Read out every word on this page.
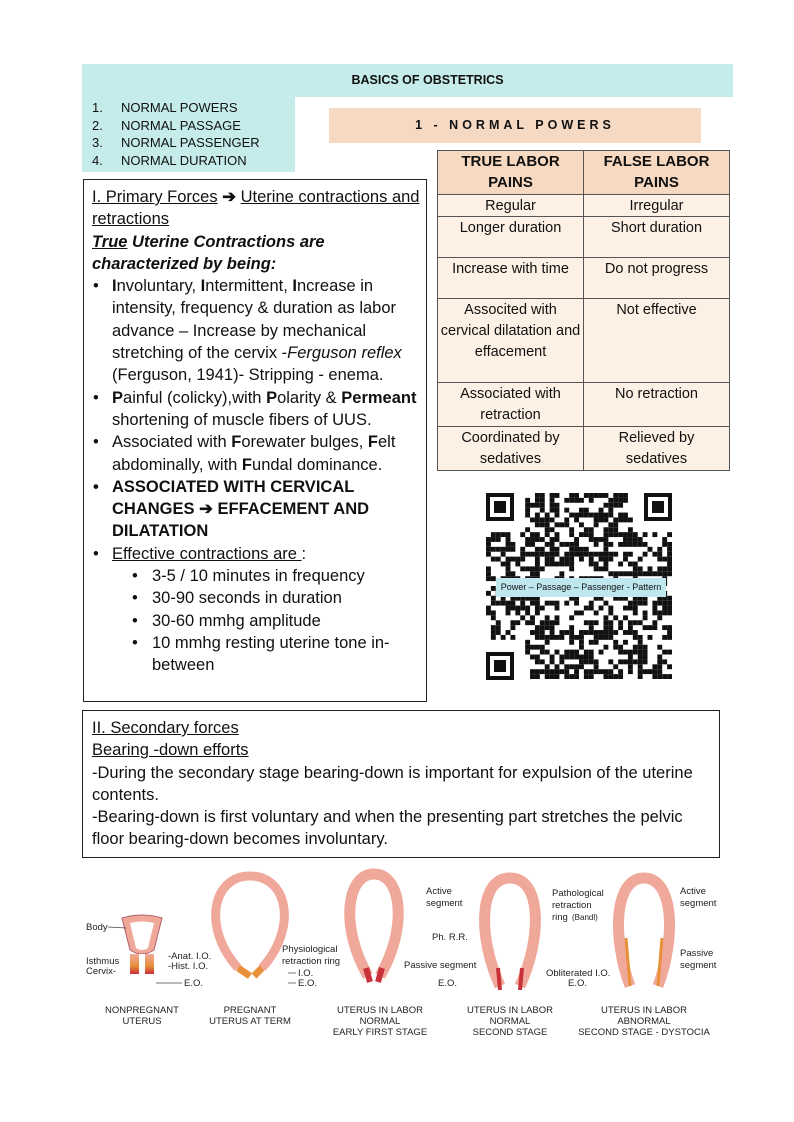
BASICS OF OBSTETRICS
1. NORMAL POWERS
2. NORMAL PASSAGE
3. NORMAL PASSENGER
4. NORMAL DURATION
1 - NORMAL POWERS

I. Primary Forces ➔ Uterine contractions and retractions

True Uterine Contractions are characterized by being:

• Involuntary, Intermittent, Increase in intensity, frequency & duration as labor advance – Increase by mechanical stretching of the cervix -Ferguson reflex (Ferguson, 1941)- Stripping - enema.
• Painful (colicky),with Polarity & Permeant shortening of muscle fibers of UUS.
• Associated with Forewater bulges, Felt abdominally, with Fundal dominance.
• ASSOCIATED WITH CERVICAL CHANGES ➔ EFFACEMENT AND DILATATION
• Effective contractions are :
• 3-5 / 10 minutes in frequency
• 30-90 seconds in duration
• 30-60 mmhg amplitude
• 10 mmhg resting uterine tone in-between
TRUE LABOR PAINS	FALSE LABOR PAINS
Regular	Irregular
Longer duration	Short duration
Increase with time	Do not progress
Associted with cervical dilatation and effacement	Not effective
Associated with retraction	No retraction
Coordinated by sedatives	Relieved by sedatives
Power – Passage – Passenger - Pattern

II. Secondary forces

Bearing -down efforts

-During the secondary stage bearing-down is important for expulsion of the uterine contents.

-Bearing-down is first voluntary and when the presenting part stretches the pelvic floor bearing-down becomes involuntary.

Body
Isthmus
Cervix-
-Anat. I.O.
-Hist. I.O.
E.O.
Physiological
retraction ring
I.O.
E.O.
Active
segment
Ph. R.R.
Passive segment
E.O.
Pathological
retraction
ring (Bandl)
Obliterated I.O.
E.O.
Active
segment
Passive
segment
NONPREGNANT
UTERUS
PREGNANT
UTERUS AT TERM
UTERUS IN LABOR
NORMAL
EARLY FIRST STAGE
UTERUS IN LABOR
NORMAL
SECOND STAGE
UTERUS IN LABOR
ABNORMAL
SECOND STAGE - DYSTOCIA
